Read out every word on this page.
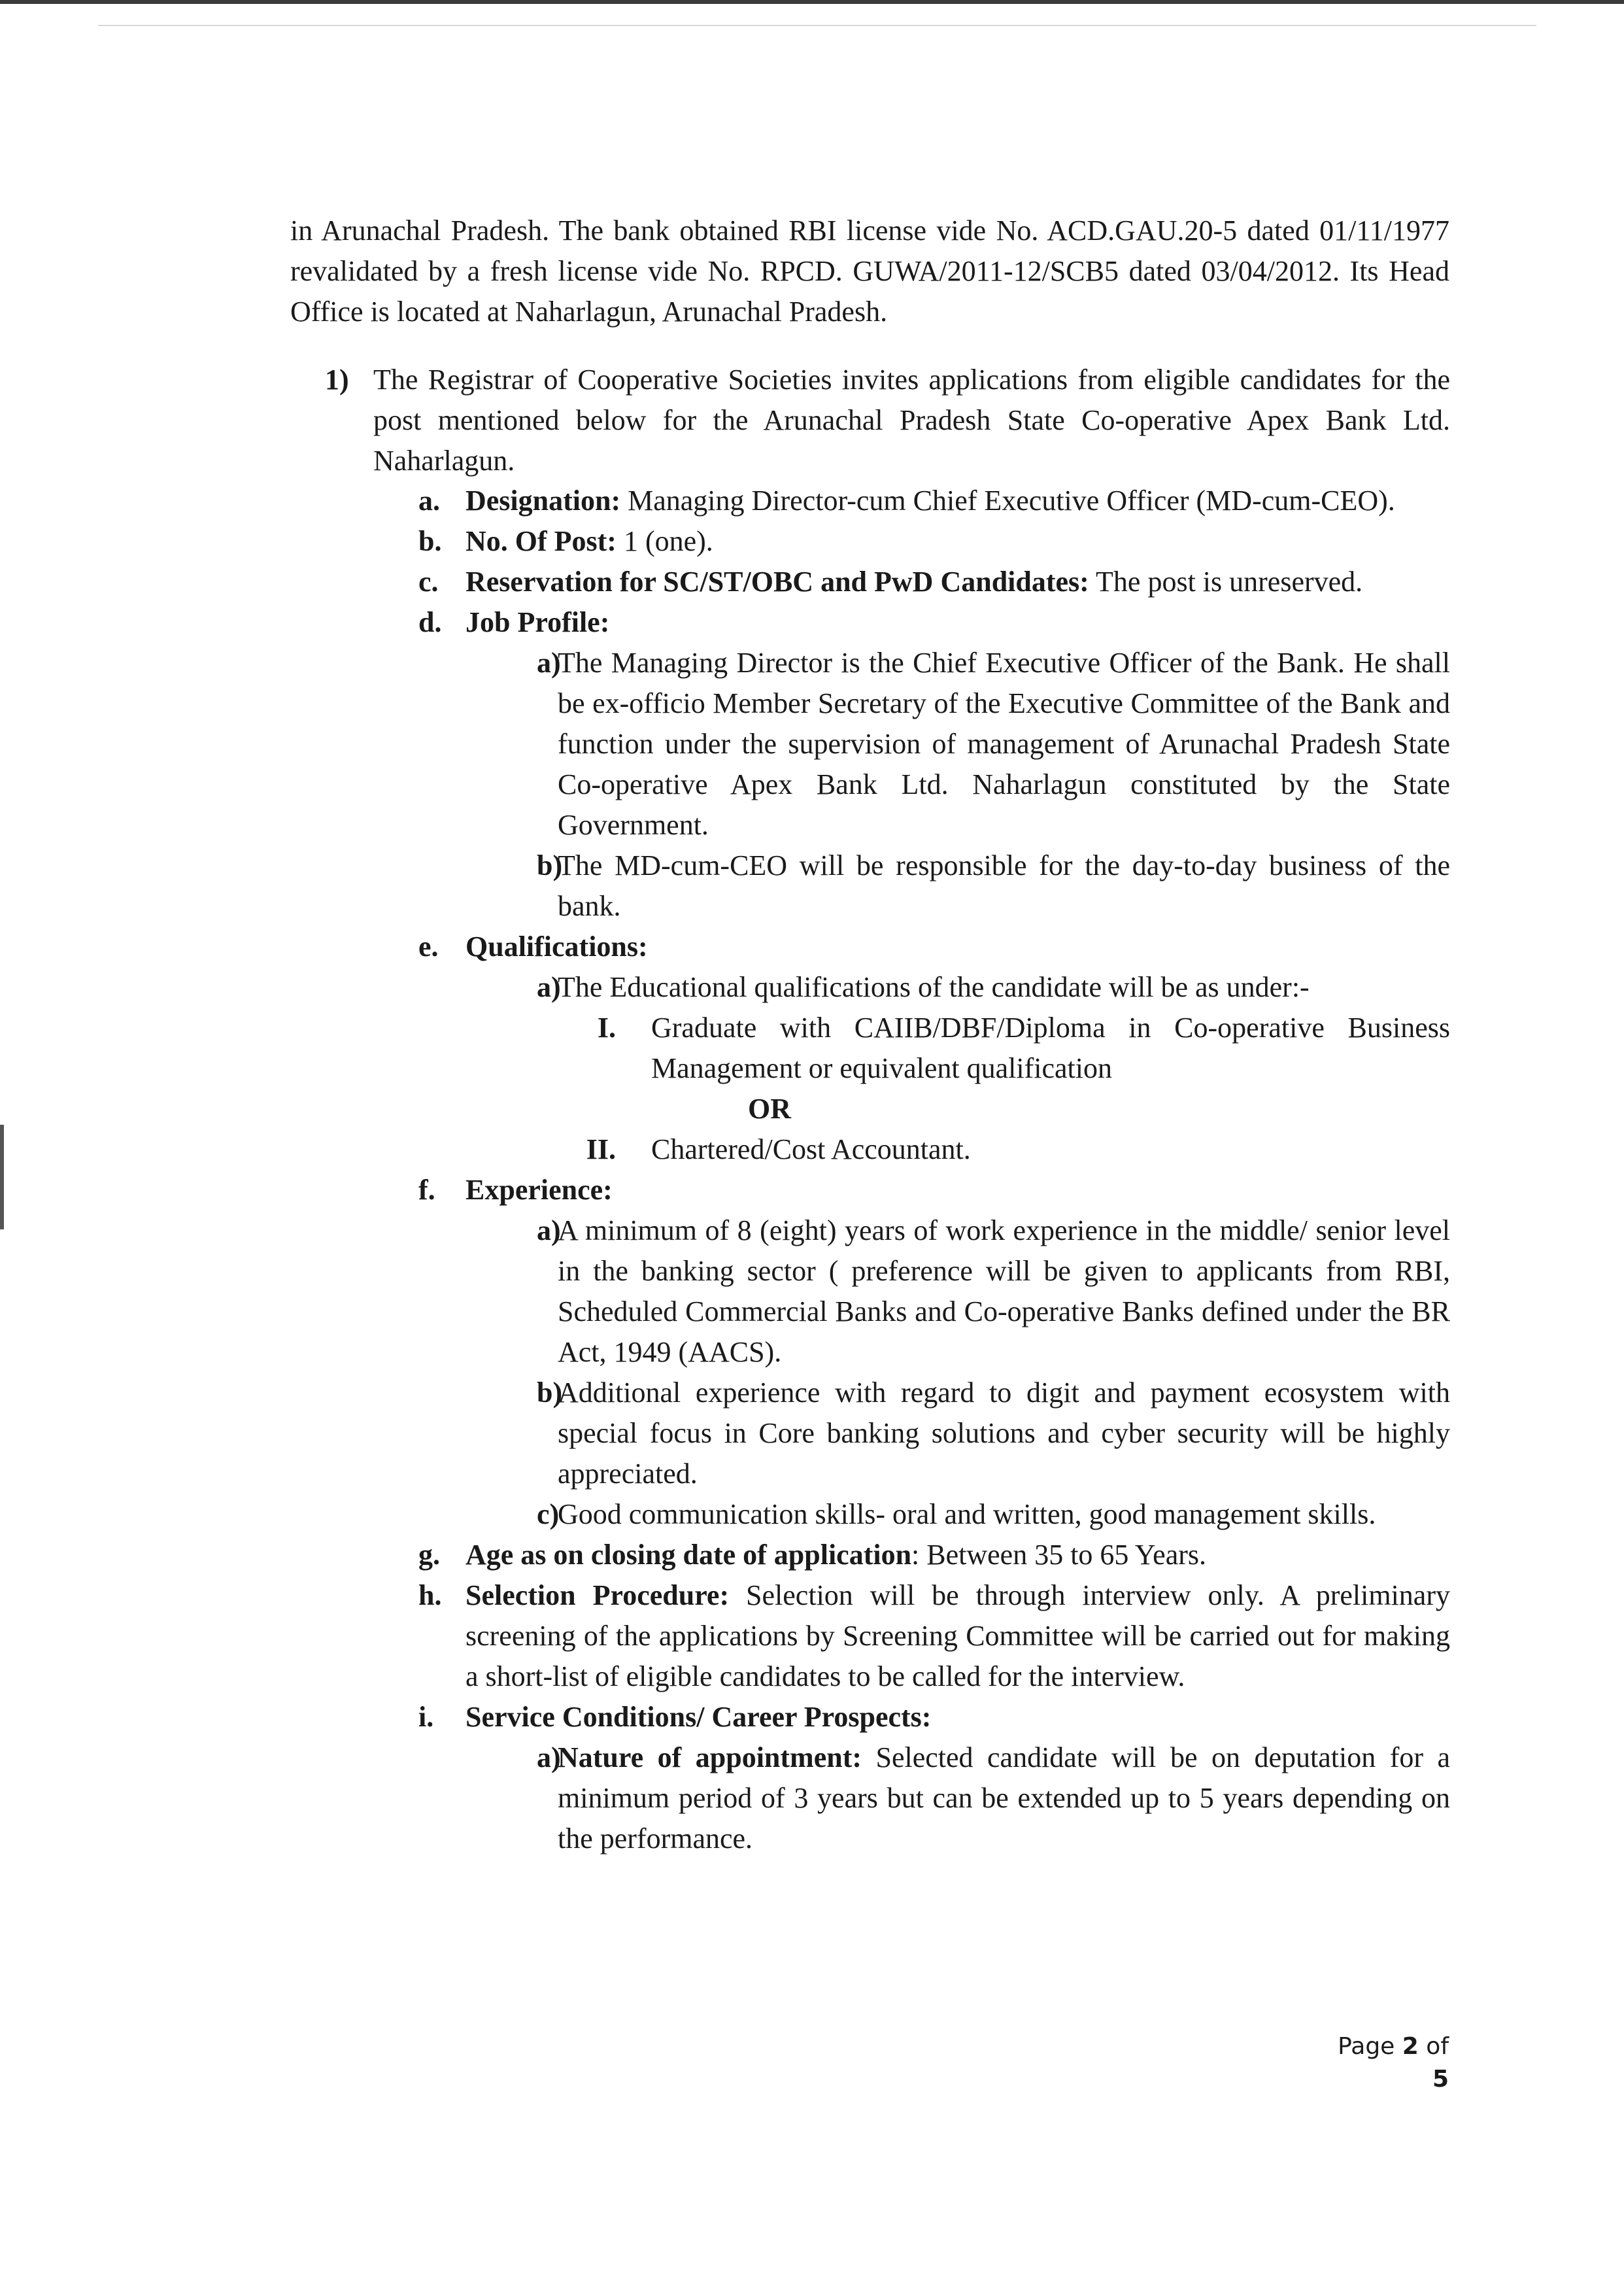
in Arunachal Pradesh. The bank obtained RBI license vide No. ACD.GAU.20-5 dated 01/11/1977 revalidated by a fresh license vide No. RPCD. GUWA/2011-12/SCB5 dated 03/04/2012. Its Head Office is located at Naharlagun, Arunachal Pradesh.
1) The Registrar of Cooperative Societies invites applications from eligible candidates for the post mentioned below for the Arunachal Pradesh State Co-operative Apex Bank Ltd. Naharlagun.
a. Designation: Managing Director-cum Chief Executive Officer (MD-cum-CEO).
b. No. Of Post: 1 (one).
c. Reservation for SC/ST/OBC and PwD Candidates: The post is unreserved.
d. Job Profile:
a)
The Managing Director is the Chief Executive Officer of the Bank. He shall be ex-officio Member Secretary of the Executive Committee of the Bank and function under the supervision of management of Arunachal Pradesh State Co-operative Apex Bank Ltd. Naharlagun constituted by the State Government.
b)
The MD-cum-CEO will be responsible for the day-to-day business of the bank.
e. Qualifications:
a)
The Educational qualifications of the candidate will be as under:-
I. Graduate with CAIIB/DBF/Diploma in Co-operative Business Management or equivalent qualification
OR
II. Chartered/Cost Accountant.
f.	Experience:
a)
A minimum of 8 (eight) years of work experience in the middle/ senior level in the banking sector ( preference will be given to applicants from RBI, Scheduled Commercial Banks and Co-operative Banks defined under the BR Act, 1949 (AACS).
b)
Additional experience with regard to digit and payment ecosystem with special focus in Core banking solutions and cyber security will be highly appreciated.
c)
Good communication skills- oral and written, good management skills.
g. Age as on closing date of application: Between 35 to 65 Years.
h. Selection Procedure: Selection will be through interview only. A preliminary screening of the applications by Screening Committee will be carried out for making a short-list of eligible candidates to be called for the interview.
i.	Service Conditions/ Career Prospects:
a)
Nature of appointment: Selected candidate will be on deputation for a minimum period of 3 years but can be extended up to 5 years depending on the performance.
Page 2 of 5
